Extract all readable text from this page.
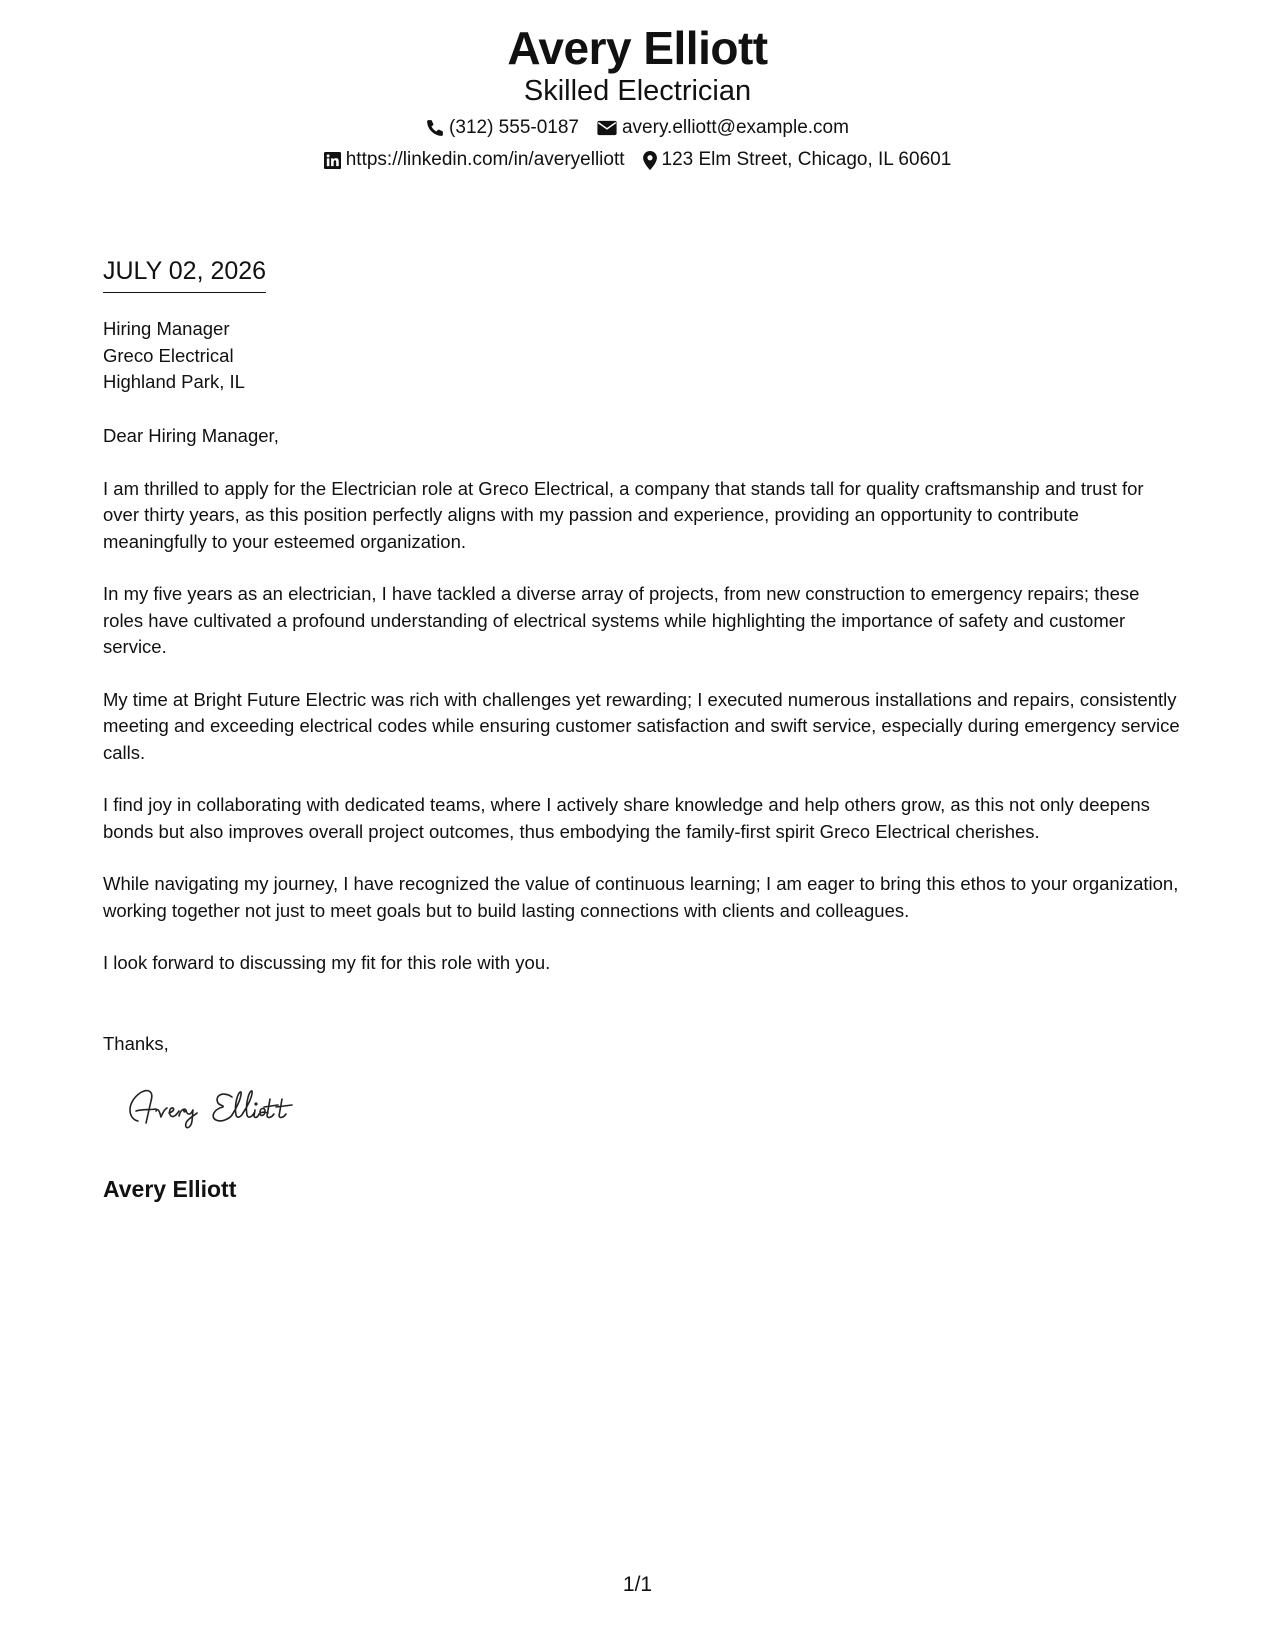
Avery Elliott
Skilled Electrician
(312) 555-0187 avery.elliott@example.com
https://linkedin.com/in/averyelliott 123 Elm Street, Chicago, IL 60601
JULY 02, 2026
Hiring Manager
Greco Electrical
Highland Park, IL

Dear Hiring Manager,

I am thrilled to apply for the Electrician role at Greco Electrical, a company that stands tall for quality craftsmanship and trust for over thirty years, as this position perfectly aligns with my passion and experience, providing an opportunity to contribute meaningfully to your esteemed organization.

In my five years as an electrician, I have tackled a diverse array of projects, from new construction to emergency repairs; these roles have cultivated a profound understanding of electrical systems while highlighting the importance of safety and customer service.

My time at Bright Future Electric was rich with challenges yet rewarding; I executed numerous installations and repairs, consistently meeting and exceeding electrical codes while ensuring customer satisfaction and swift service, especially during emergency service calls.

I find joy in collaborating with dedicated teams, where I actively share knowledge and help others grow, as this not only deepens bonds but also improves overall project outcomes, thus embodying the family-first spirit Greco Electrical cherishes.

While navigating my journey, I have recognized the value of continuous learning; I am eager to bring this ethos to your organization, working together not just to meet goals but to build lasting connections with clients and colleagues.

I look forward to discussing my fit for this role with you.

Thanks,
Avery Elliott
1/1
